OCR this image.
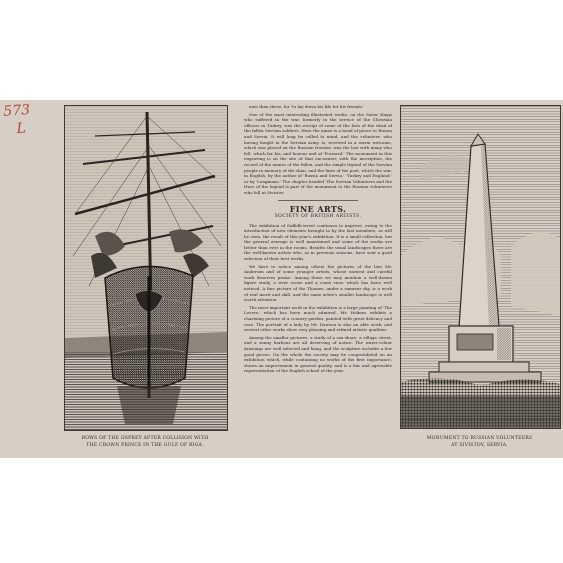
573
L
BOWS OF THE OSPREY AFTER COLLISION WITH
THE CROWN PRINCE IN THE GULF OF RIGA.

men than these, for 'to lay down his life for his friends.'

One of the most interesting illustrated works, on the Sister Kings who suffered in the war, formerly in the service of the Christian officers in Turkey, was the receipt of some of the lists of the dead of the fallen Servian soldiers. Here the name is a bond of peace to Russia and Servia. It will long be called to mind, and the volunteer, who having fought in the Servian army, is, received in a warm welcome, which was placed on the Russian frontier, was the last with many who fell, which for his, and honour and of 'Forward.' The monument in this engraving is on the site of that encounter, with the inscription, the record of the names of the fallen, and the simple legend of the Servian people in memory of the slain, and the lines of the poet, which the war, in English, by the author of 'Russia and Servia,' 'Turkey and England,' or by 'Longmans.' The chapter headed 'The Servian Volunteers and the Hero of the legend is part of the monument to the Russian volunteers who fell at Sivistov.

FINE ARTS.
SOCIETY OF BRITISH ARTISTS.

The exhibition of Suffolk-street continues to improve, owing to the introduction of new elements brought in by the last members, as will be seen, the result of this year's exhibition. It is a small collection, but the general average is well maintained and some of the works are better than ever in the rooms. Besides the usual landscapes there are the well-known artists who, as in previous seasons, have sent a good selection of their best works.

We have to notice among others the pictures of the late Mr. Anderson and of some younger artists, whose earnest and careful work deserves praise. Among these we may mention a well-drawn figure study, a river scene and a coast view, which has been well noticed. A fine picture of the Thames, under a summer sky, is a work of real merit and skill, and the same artist's smaller landscape is well worth attention.

The most important work in the exhibition is a large painting of 'The Lovers,' which has been much admired. Mr. Holmes exhibits a charming picture of a country garden, painted with great delicacy and care. The portrait of a lady by Mr. Dawson is also an able work, and several other works show very pleasing and refined artistic qualities.

Among the smaller pictures, a study of a sea-shore, a village street, and a sunny harbour are all deserving of notice. The water-colour drawings are well selected and hung, and the sculpture includes a few good pieces. On the whole the society may be congratulated on an exhibition which, while containing no works of the first importance, shows an improvement in general quality, and is a fair and agreeable representation of the English school of the year.

MONUMENT TO RUSSIAN VOLUNTEERS
AT SIVISTOV, SERVIA.
